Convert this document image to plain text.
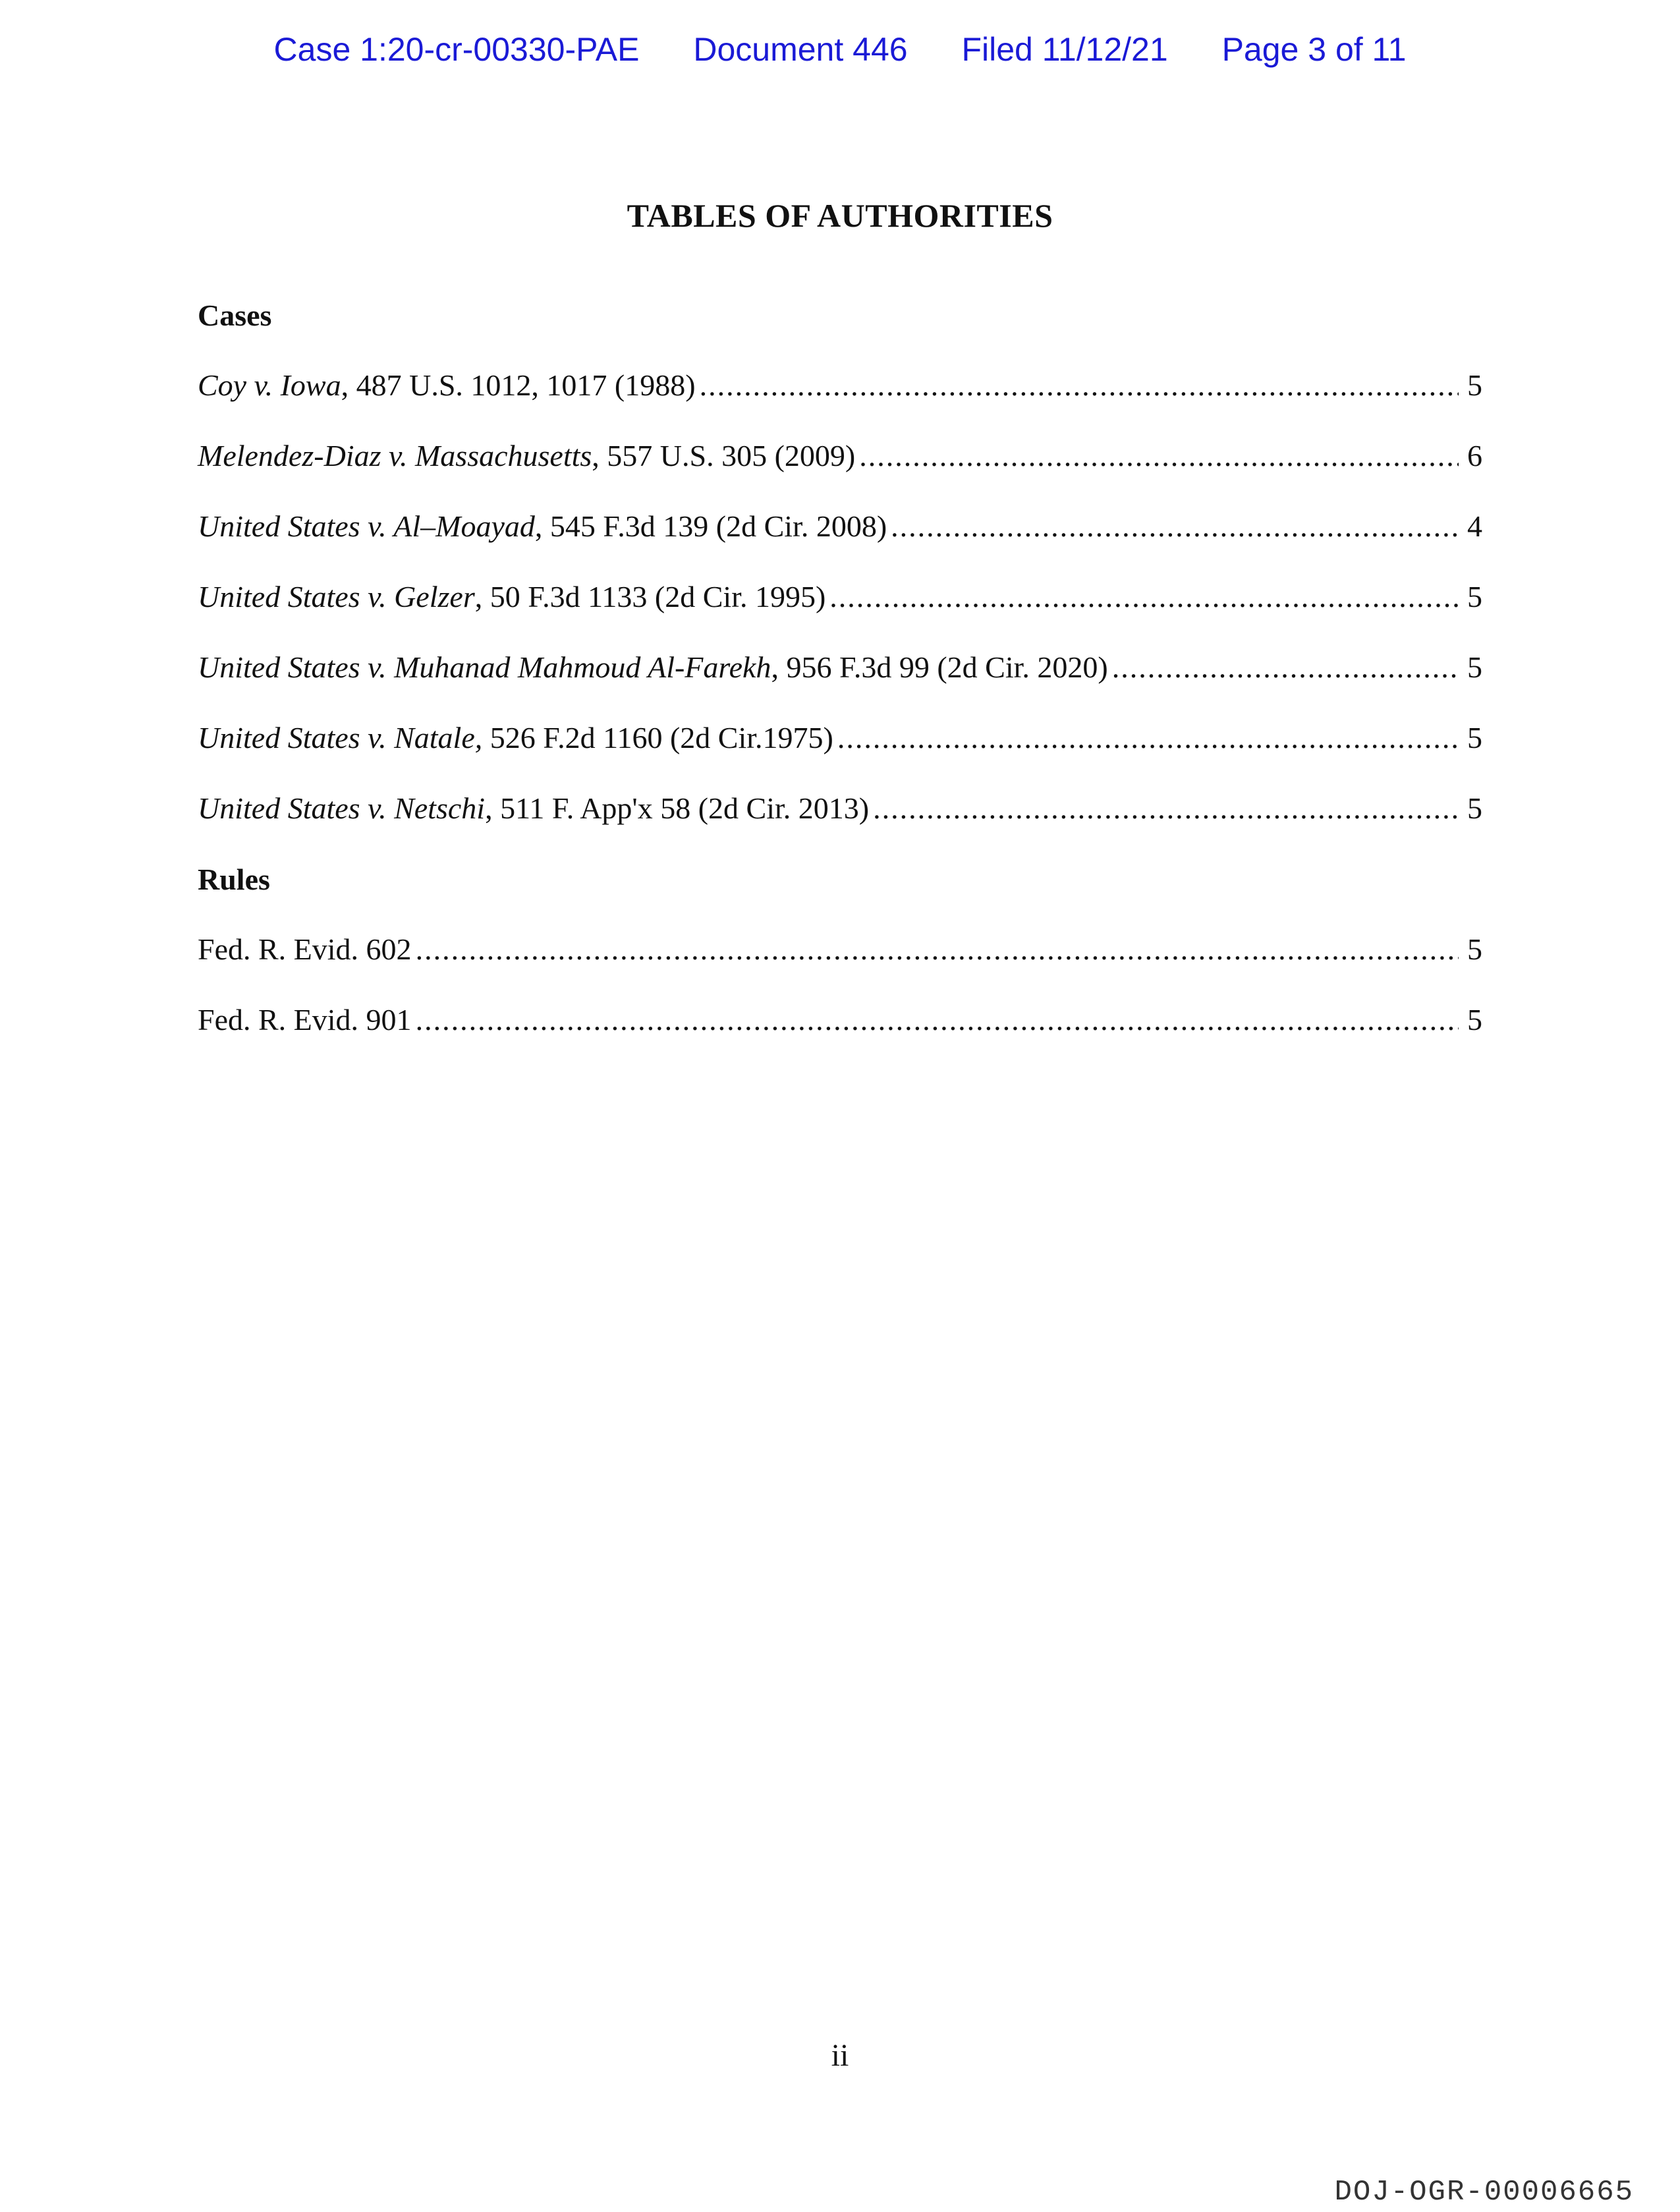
Case 1:20-cr-00330-PAE Document 446 Filed 11/12/21 Page 3 of 11
TABLES OF AUTHORITIES
Cases
Coy v. Iowa, 487 U.S. 1012, 1017 (1988) .....	5
Melendez-Diaz v. Massachusetts, 557 U.S. 305 (2009) .....	6
United States v. Al–Moayad, 545 F.3d 139 (2d Cir. 2008) .....	4
United States v. Gelzer, 50 F.3d 1133 (2d Cir. 1995) .....	5
United States v. Muhanad Mahmoud Al-Farekh, 956 F.3d 99 (2d Cir. 2020) .....	5
United States v. Natale, 526 F.2d 1160 (2d Cir.1975) .....	5
United States v. Netschi, 511 F. App'x 58 (2d Cir. 2013) .....	5
Rules
Fed. R. Evid. 602 .....	5
Fed. R. Evid. 901 .....	5
ii
DOJ-OGR-00006665
